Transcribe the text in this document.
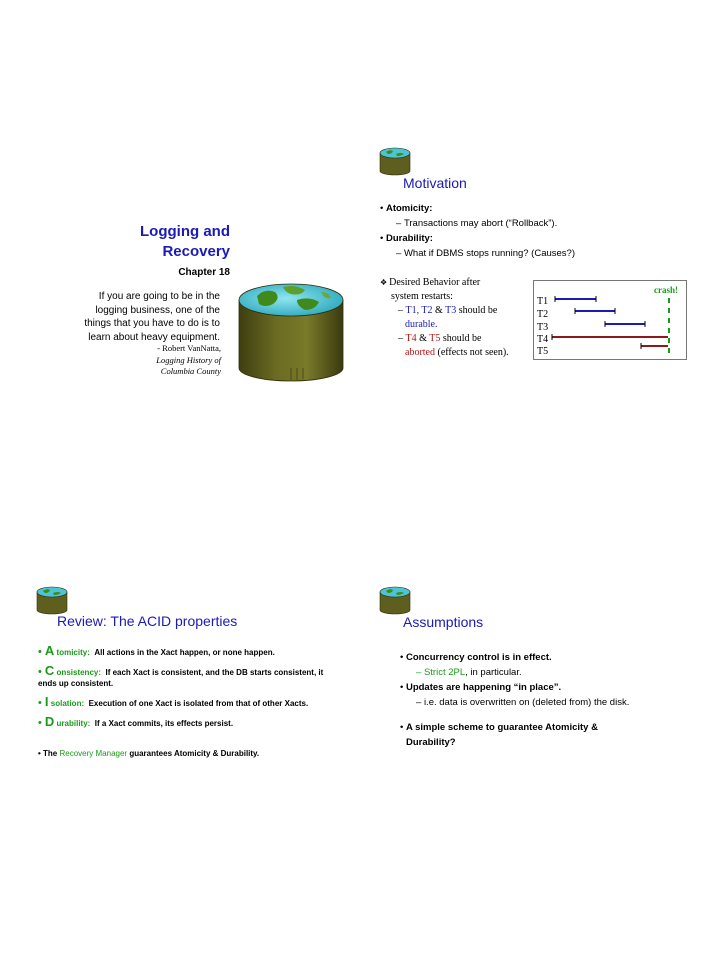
Logging and
Recovery
Chapter 18
If you are going to be in the
logging business, one of the
things that you have to do is to
learn about heavy equipment.
- Robert VanNatta,
Logging History of
Columbia County
Motivation
• Atomicity:
– Transactions may abort (“Rollback”).
• Durability:
– What if DBMS stops running? (Causes?)
❖ Desired Behavior after
system restarts:
– T1, T2 & T3 should be
durable.
– T4 & T5 should be
aborted (effects not seen).
crash!
T1
T2
T3
T4
T5
Review: The ACID properties
• A tomicity: All actions in the Xact happen, or none happen.
• C onsistency: If each Xact is consistent, and the DB starts consistent, it ends up consistent.
• I solation: Execution of one Xact is isolated from that of other Xacts.
• D urability: If a Xact commits, its effects persist.
• The Recovery Manager guarantees Atomicity & Durability.
Assumptions
• Concurrency control is in effect.
– Strict 2PL, in particular.
• Updates are happening “in place”.
– i.e. data is overwritten on (deleted from) the disk.
• A simple scheme to guarantee Atomicity & Durability?
